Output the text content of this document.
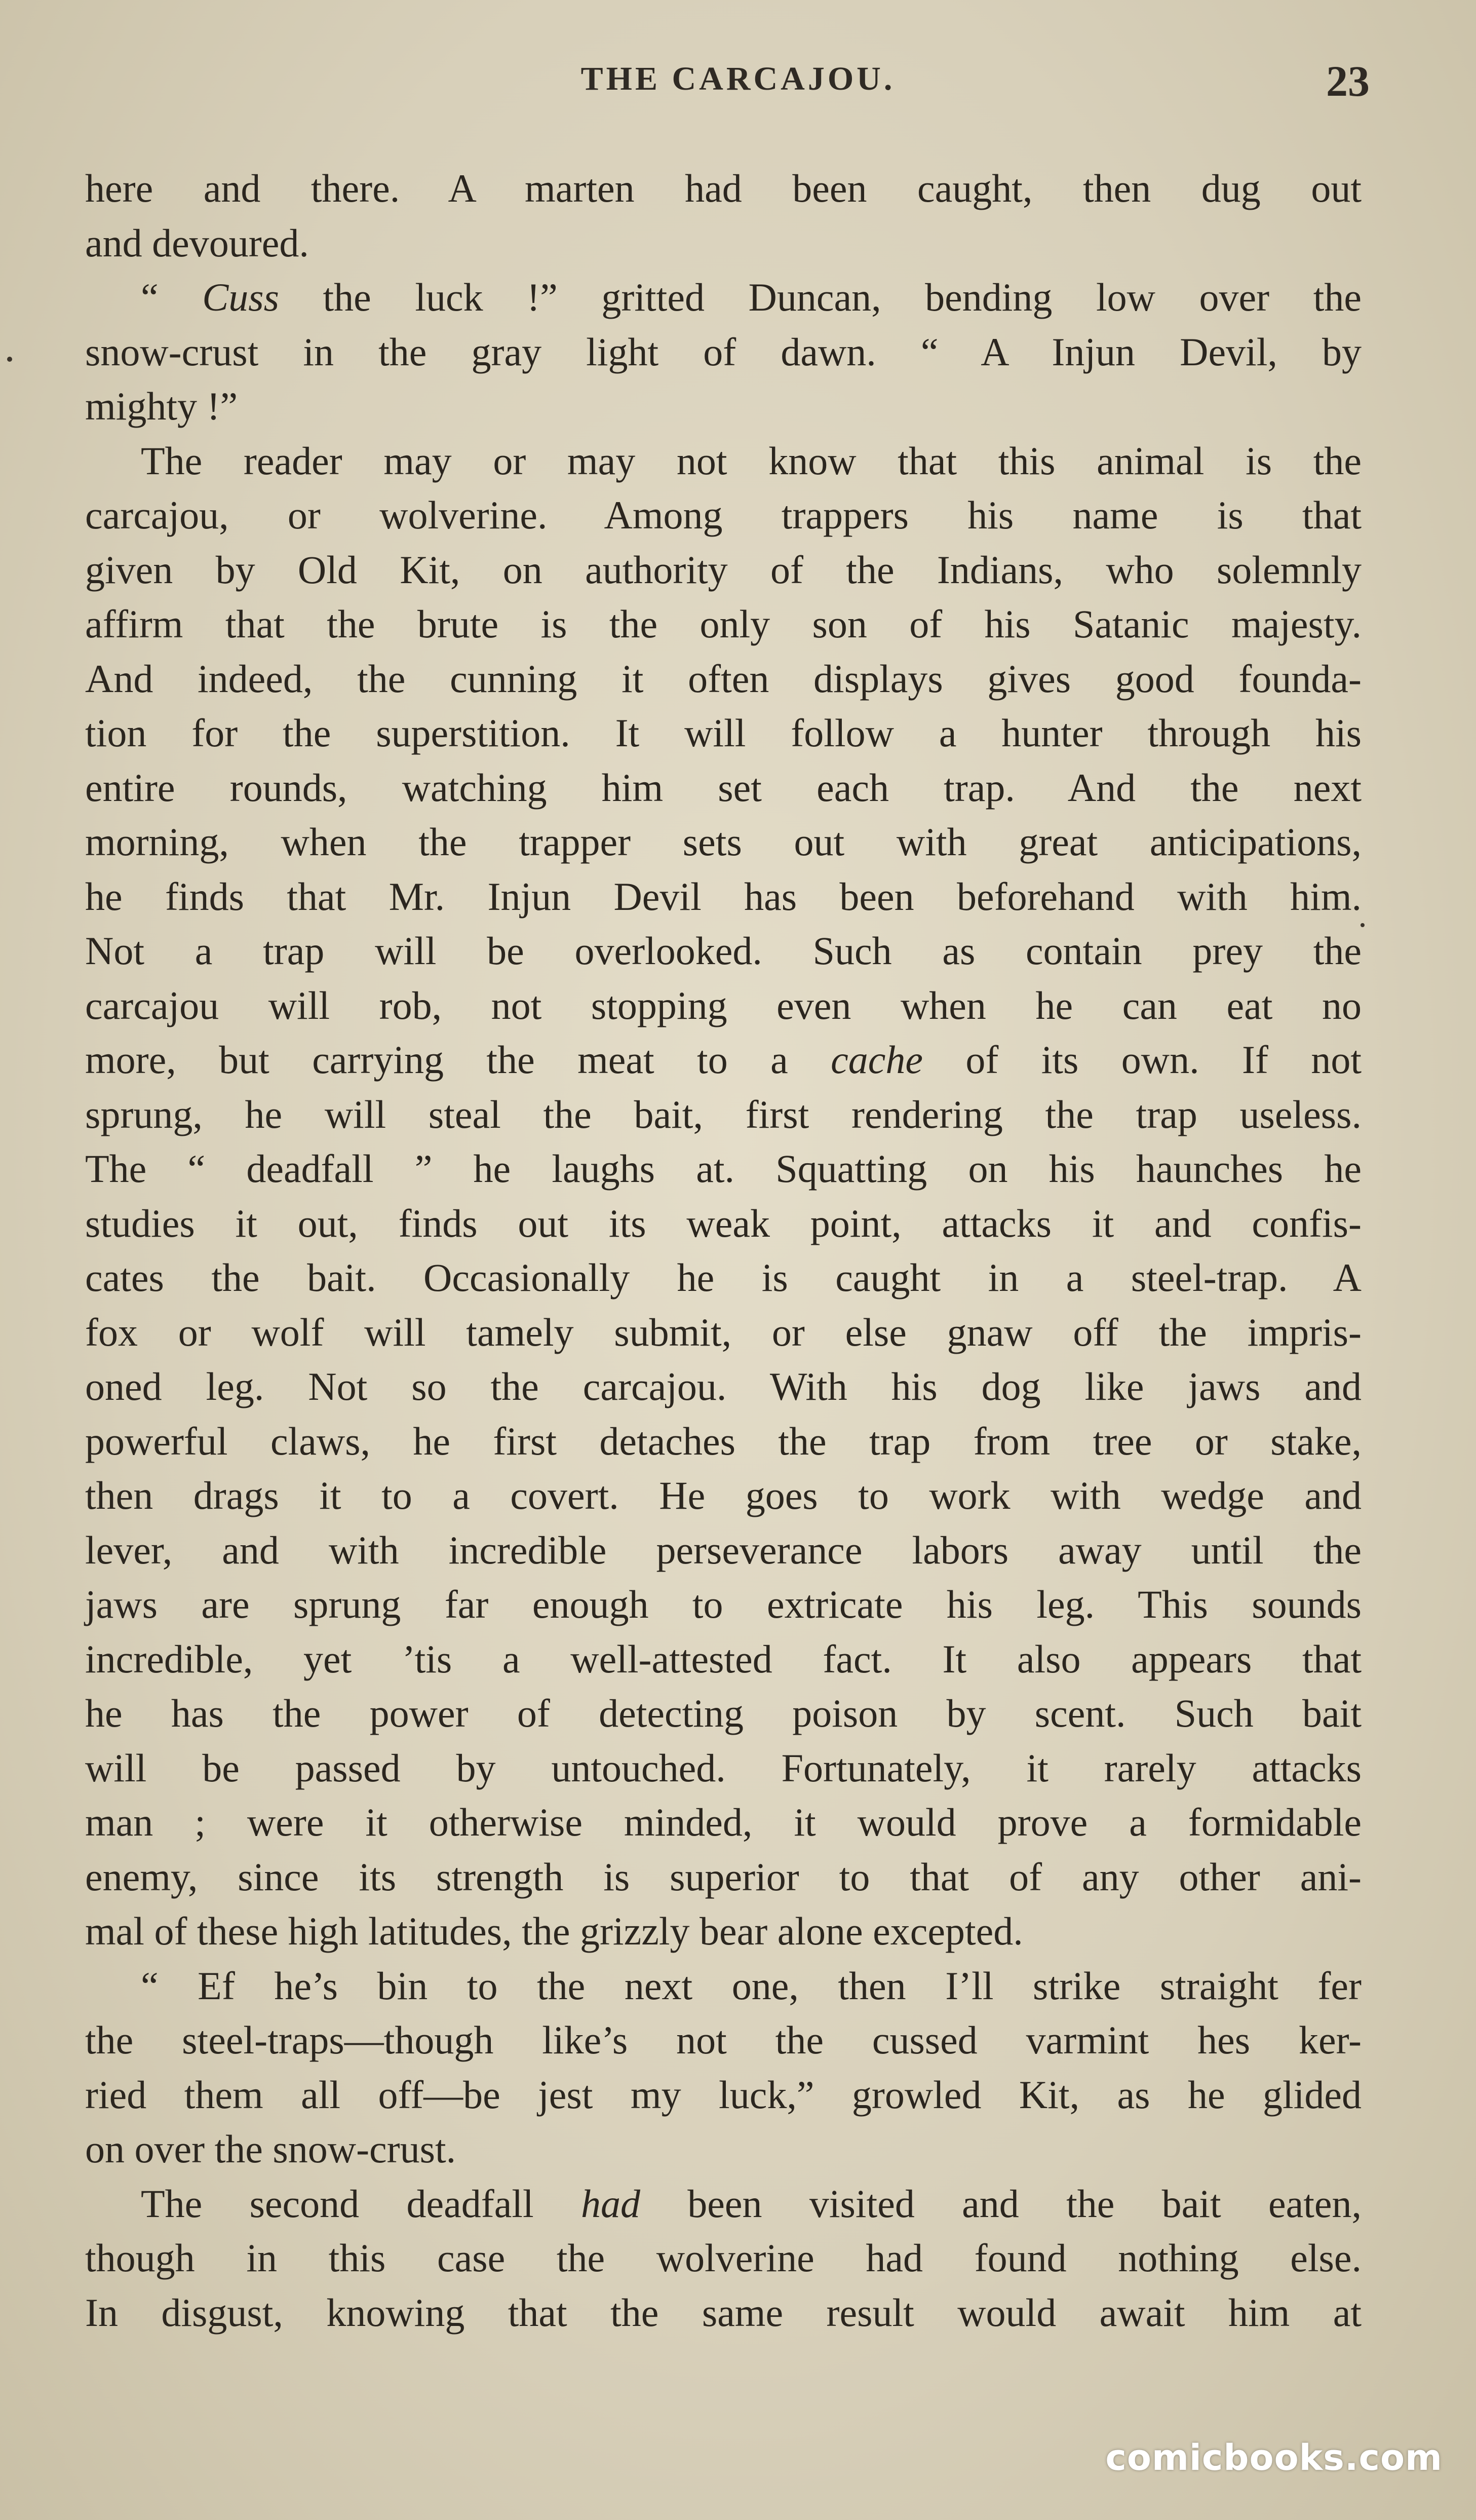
THE CARCAJOU.	23
here and there. A marten had been caught, then dug out
and devoured.
“ Cuss the luck !” gritted Duncan, bending low over the
snow-crust in the gray light of dawn. “ A Injun Devil, by
mighty !”
The reader may or may not know that this animal is the
carcajou, or wolverine. Among trappers his name is that
given by Old Kit, on authority of the Indians, who solemnly
affirm that the brute is the only son of his Satanic majesty.
And indeed, the cunning it often displays gives good founda-
tion for the superstition. It will follow a hunter through his
entire rounds, watching him set each trap. And the next
morning, when the trapper sets out with great anticipations,
he finds that Mr. Injun Devil has been beforehand with him.
Not a trap will be overlooked. Such as contain prey the
carcajou will rob, not stopping even when he can eat no
more, but carrying the meat to a cache of its own. If not
sprung, he will steal the bait, first rendering the trap useless.
The “ deadfall ” he laughs at. Squatting on his haunches he
studies it out, finds out its weak point, attacks it and confis-
cates the bait. Occasionally he is caught in a steel-trap. A
fox or wolf will tamely submit, or else gnaw off the impris-
oned leg. Not so the carcajou. With his dog like jaws and
powerful claws, he first detaches the trap from tree or stake,
then drags it to a covert. He goes to work with wedge and
lever, and with incredible perseverance labors away until the
jaws are sprung far enough to extricate his leg. This sounds
incredible, yet ’tis a well-attested fact. It also appears that
he has the power of detecting poison by scent. Such bait
will be passed by untouched. Fortunately, it rarely attacks
man ; were it otherwise minded, it would prove a formidable
enemy, since its strength is superior to that of any other ani-
mal of these high latitudes, the grizzly bear alone excepted.
“ Ef he’s bin to the next one, then I’ll strike straight fer
the steel-traps—though like’s not the cussed varmint hes ker-
ried them all off—be jest my luck,” growled Kit, as he glided
on over the snow-crust.
The second deadfall had been visited and the bait eaten,
though in this case the wolverine had found nothing else.
In disgust, knowing that the same result would await him at
comicbooks.com
